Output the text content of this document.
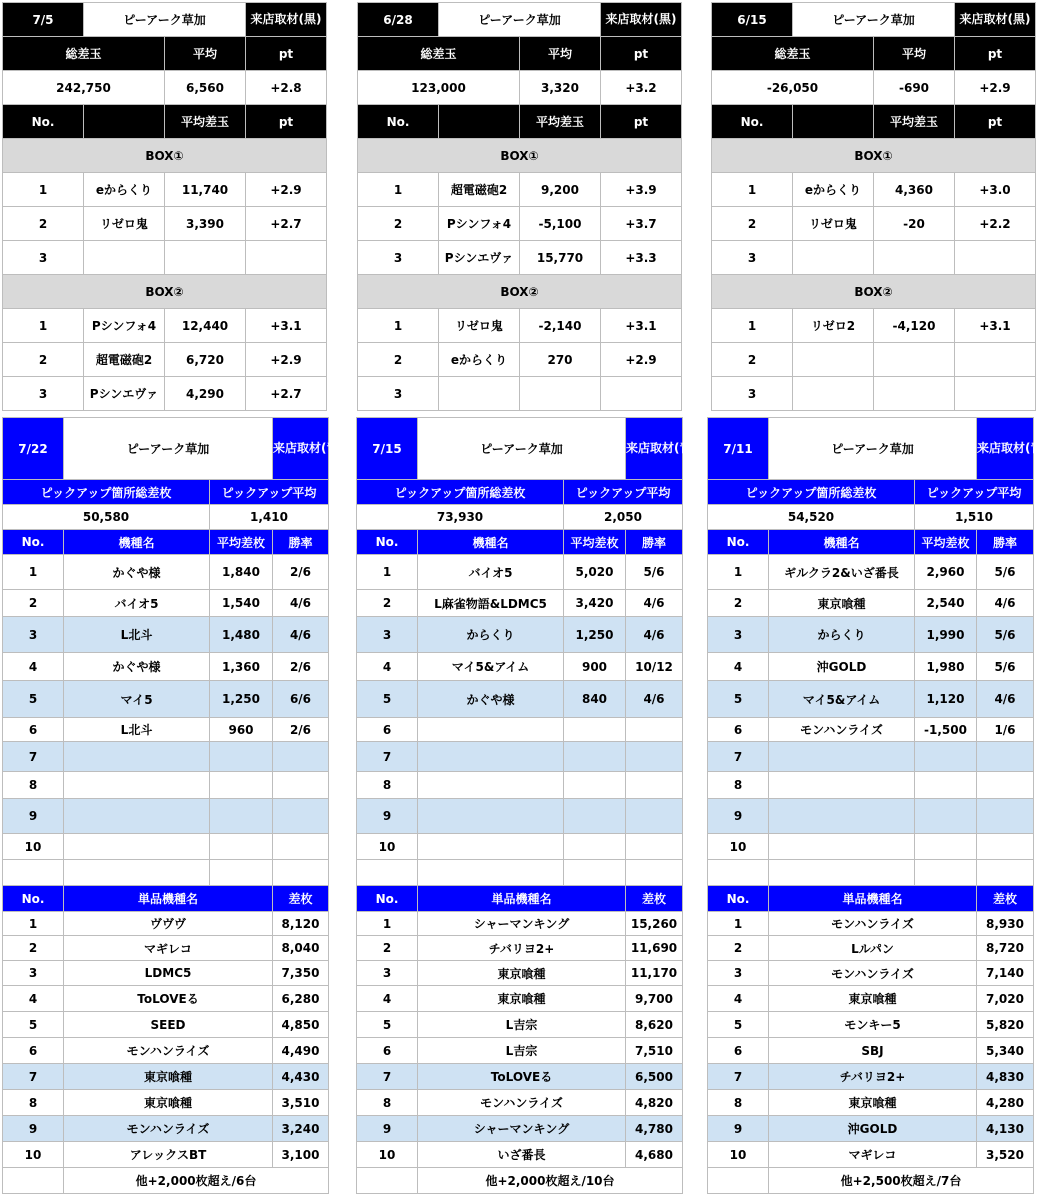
7/5	ピーアーク草加	来店取材(黒)
総差玉	平均	pt
242,750	6,560	+2.8
No.		平均差玉	pt
BOX①
1	eからくり	11,740	+2.9
2	リゼロ鬼	3,390	+2.7
3			
BOX②
1	Pシンフォ4	12,440	+3.1
2	超電磁砲2	6,720	+2.9
3	Pシンエヴァ	4,290	+2.7
6/28	ピーアーク草加	来店取材(黒)
総差玉	平均	pt
123,000	3,320	+3.2
No.		平均差玉	pt
BOX①
1	超電磁砲2	9,200	+3.9
2	Pシンフォ4	-5,100	+3.7
3	Pシンエヴァ	15,770	+3.3
BOX②
1	リゼロ鬼	-2,140	+3.1
2	eからくり	270	+2.9
3			
6/15	ピーアーク草加	来店取材(黒)
総差玉	平均	pt
-26,050	-690	+2.9
No.		平均差玉	pt
BOX①
1	eからくり	4,360	+3.0
2	リゼロ鬼	-20	+2.2
3			
BOX②
1	リゼロ2	-4,120	+3.1
2			
3			
7/22	ピーアーク草加	来店取材(青)
ピックアップ箇所総差枚	ピックアップ平均
50,580	1,410
No.	機種名	平均差枚	勝率
1	かぐや様	1,840	2/6
2	バイオ5	1,540	4/6
3	L北斗	1,480	4/6
4	かぐや様	1,360	2/6
5	マイ5	1,250	6/6
6	L北斗	960	2/6
7			
8			
9			
10			

No.	単品機種名	差枚
1	ヴヴヴ	8,120
2	マギレコ	8,040
3	LDMC5	7,350
4	ToLOVEる	6,280
5	SEED	4,850
6	モンハンライズ	4,490
7	東京喰種	4,430
8	東京喰種	3,510
9	モンハンライズ	3,240
10	アレックスBT	3,100
	他+2,000枚超え/6台
7/15	ピーアーク草加	来店取材(青)
ピックアップ箇所総差枚	ピックアップ平均
73,930	2,050
No.	機種名	平均差枚	勝率
1	バイオ5	5,020	5/6
2	L麻雀物語&LDMC5	3,420	4/6
3	からくり	1,250	4/6
4	マイ5&アイム	900	10/12
5	かぐや様	840	4/6
6			
7			
8			
9			
10			

No.	単品機種名	差枚
1	シャーマンキング	15,260
2	チバリヨ2+	11,690
3	東京喰種	11,170
4	東京喰種	9,700
5	L吉宗	8,620
6	L吉宗	7,510
7	ToLOVEる	6,500
8	モンハンライズ	4,820
9	シャーマンキング	4,780
10	いざ番長	4,680
	他+2,000枚超え/10台
7/11	ピーアーク草加	来店取材(青)
ピックアップ箇所総差枚	ピックアップ平均
54,520	1,510
No.	機種名	平均差枚	勝率
1	ギルクラ2&いざ番長	2,960	5/6
2	東京喰種	2,540	4/6
3	からくり	1,990	5/6
4	沖GOLD	1,980	5/6
5	マイ5&アイム	1,120	4/6
6	モンハンライズ	-1,500	1/6
7			
8			
9			
10			

No.	単品機種名	差枚
1	モンハンライズ	8,930
2	Lルパン	8,720
3	モンハンライズ	7,140
4	東京喰種	7,020
5	モンキー5	5,820
6	SBJ	5,340
7	チバリヨ2+	4,830
8	東京喰種	4,280
9	沖GOLD	4,130
10	マギレコ	3,520
	他+2,500枚超え/7台
